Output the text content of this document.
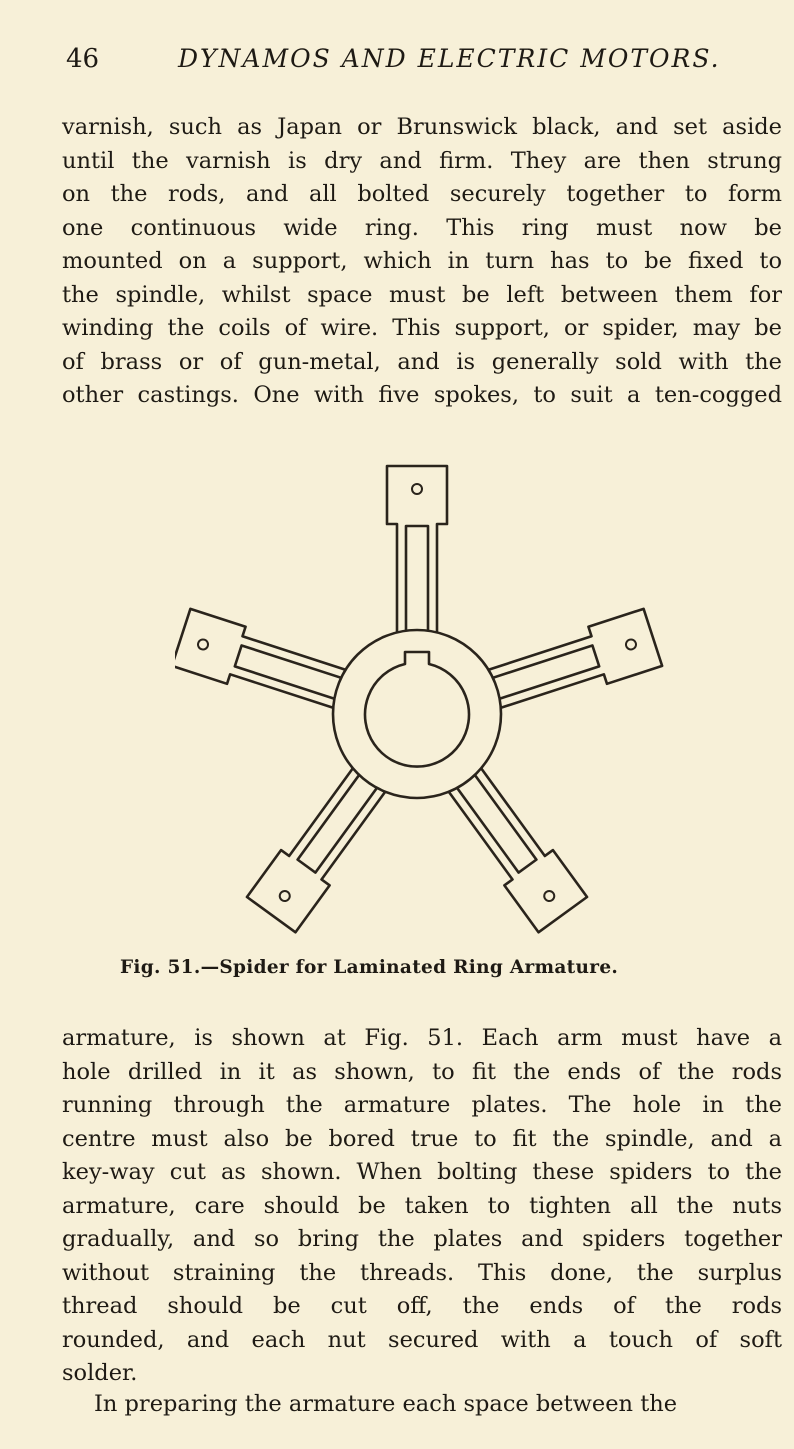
46	DYNAMOS AND ELECTRIC MOTORS.
varnish, such as Japan or Brunswick black, and set aside
until the varnish is dry and firm. They are then strung
on the rods, and all bolted securely together to form
one continuous wide ring. This ring must now be
mounted on a support, which in turn has to be fixed to
the spindle, whilst space must be left between them for
winding the coils of wire. This support, or spider, may be
of brass or of gun-metal, and is generally sold with the
other castings. One with five spokes, to suit a ten-cogged
Fig. 51.—Spider for Laminated Ring Armature.
armature, is shown at Fig. 51. Each arm must have a
hole drilled in it as shown, to fit the ends of the rods
running through the armature plates. The hole in the
centre must also be bored true to fit the spindle, and a
key-way cut as shown. When bolting these spiders to the
armature, care should be taken to tighten all the nuts
gradually, and so bring the plates and spiders together
without straining the threads. This done, the surplus
thread should be cut off, the ends of the rods
rounded, and each nut secured with a touch of soft
solder.
In preparing the armature each space between the
